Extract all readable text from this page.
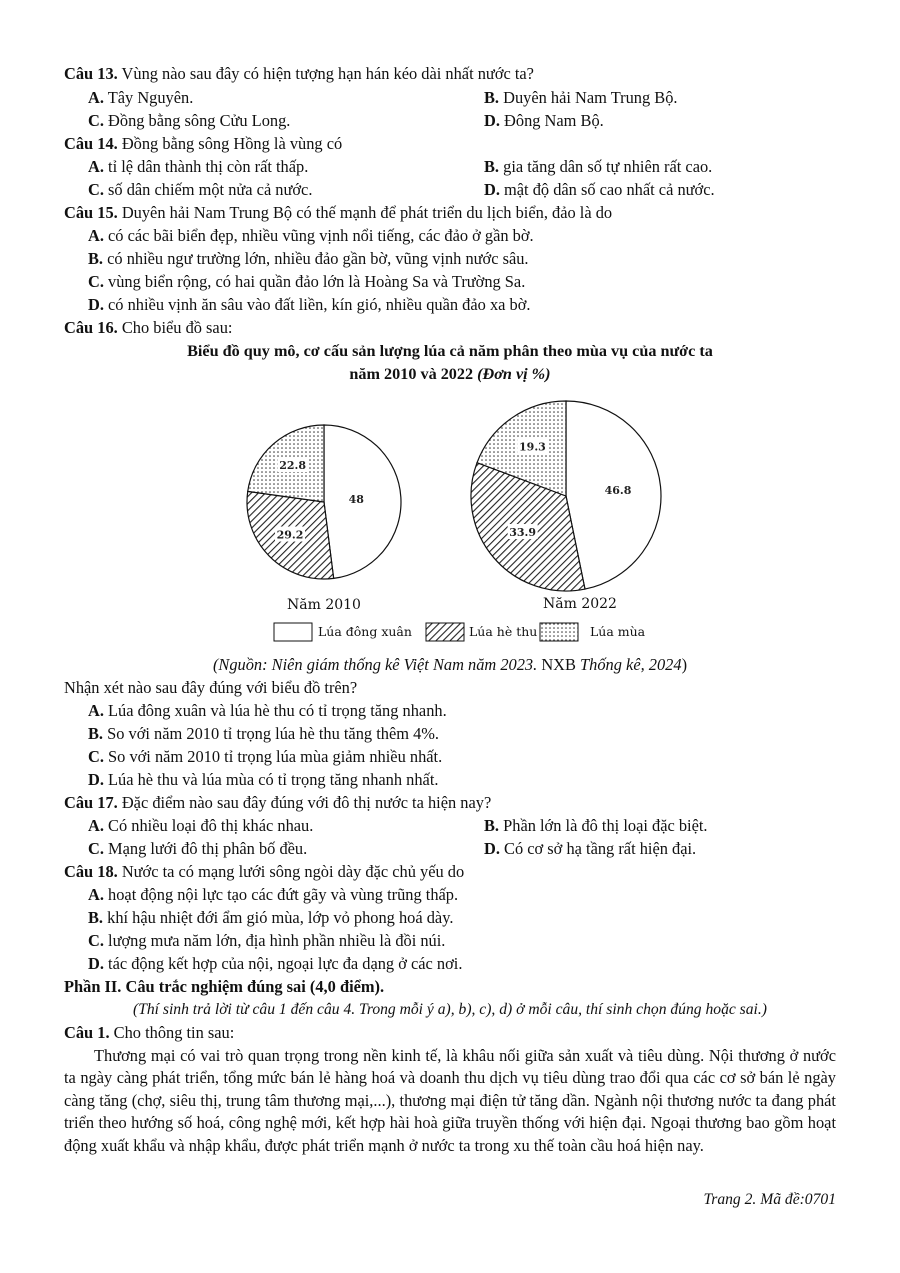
Câu 13. Vùng nào sau đây có hiện tượng hạn hán kéo dài nhất nước ta?
A. Tây Nguyên.	B. Duyên hải Nam Trung Bộ.
C. Đồng bằng sông Cửu Long.	D. Đông Nam Bộ.
Câu 14. Đồng bằng sông Hồng là vùng có
A. tỉ lệ dân thành thị còn rất thấp.	B. gia tăng dân số tự nhiên rất cao.
C. số dân chiếm một nửa cả nước.	D. mật độ dân số cao nhất cả nước.
Câu 15. Duyên hải Nam Trung Bộ có thế mạnh để phát triển du lịch biển, đảo là do
A. có các bãi biển đẹp, nhiều vũng vịnh nổi tiếng, các đảo ở gần bờ.
B. có nhiều ngư trường lớn, nhiều đảo gần bờ, vũng vịnh nước sâu.
C. vùng biển rộng, có hai quần đảo lớn là Hoàng Sa và Trường Sa.
D. có nhiều vịnh ăn sâu vào đất liền, kín gió, nhiều quần đảo xa bờ.
Câu 16. Cho biểu đồ sau:
Biểu đồ quy mô, cơ cấu sản lượng lúa cả năm phân theo mùa vụ của nước ta
năm 2010 và 2022 (Đơn vị %)
48
29.2
22.8
46.8
33.9
19.3
Năm 2010	Năm 2022
Lúa đông xuân	Lúa hè thu	Lúa mùa
(Nguồn: Niên giám thống kê Việt Nam năm 2023. NXB Thống kê, 2024)
Nhận xét nào sau đây đúng với biểu đồ trên?
A. Lúa đông xuân và lúa hè thu có tỉ trọng tăng nhanh.
B. So với năm 2010 tỉ trọng lúa hè thu tăng thêm 4%.
C. So với năm 2010 tỉ trọng lúa mùa giảm nhiều nhất.
D. Lúa hè thu và lúa mùa có tỉ trọng tăng nhanh nhất.
Câu 17. Đặc điểm nào sau đây đúng với đô thị nước ta hiện nay?
A. Có nhiều loại đô thị khác nhau.	B. Phần lớn là đô thị loại đặc biệt.
C. Mạng lưới đô thị phân bố đều.	D. Có cơ sở hạ tầng rất hiện đại.
Câu 18. Nước ta có mạng lưới sông ngòi dày đặc chủ yếu do
A. hoạt động nội lực tạo các đứt gãy và vùng trũng thấp.
B. khí hậu nhiệt đới ẩm gió mùa, lớp vỏ phong hoá dày.
C. lượng mưa năm lớn, địa hình phần nhiều là đồi núi.
D. tác động kết hợp của nội, ngoại lực đa dạng ở các nơi.
Phần II. Câu trắc nghiệm đúng sai (4,0 điểm).
(Thí sinh trả lời từ câu 1 đến câu 4. Trong mỗi ý a), b), c), d) ở mỗi câu, thí sinh chọn đúng hoặc sai.)
Câu 1. Cho thông tin sau:
Thương mại có vai trò quan trọng trong nền kinh tế, là khâu nối giữa sản xuất và tiêu dùng. Nội thương ở nước ta ngày càng phát triển, tổng mức bán lẻ hàng hoá và doanh thu dịch vụ tiêu dùng trao đổi qua các cơ sở bán lẻ ngày càng tăng (chợ, siêu thị, trung tâm thương mại,...), thương mại điện tử tăng dần. Ngành nội thương nước ta đang phát triển theo hướng số hoá, công nghệ mới, kết hợp hài hoà giữa truyền thống với hiện đại. Ngoại thương bao gồm hoạt động xuất khẩu và nhập khẩu, được phát triển mạnh ở nước ta trong xu thế toàn cầu hoá hiện nay.
Trang 2. Mã đề:0701
